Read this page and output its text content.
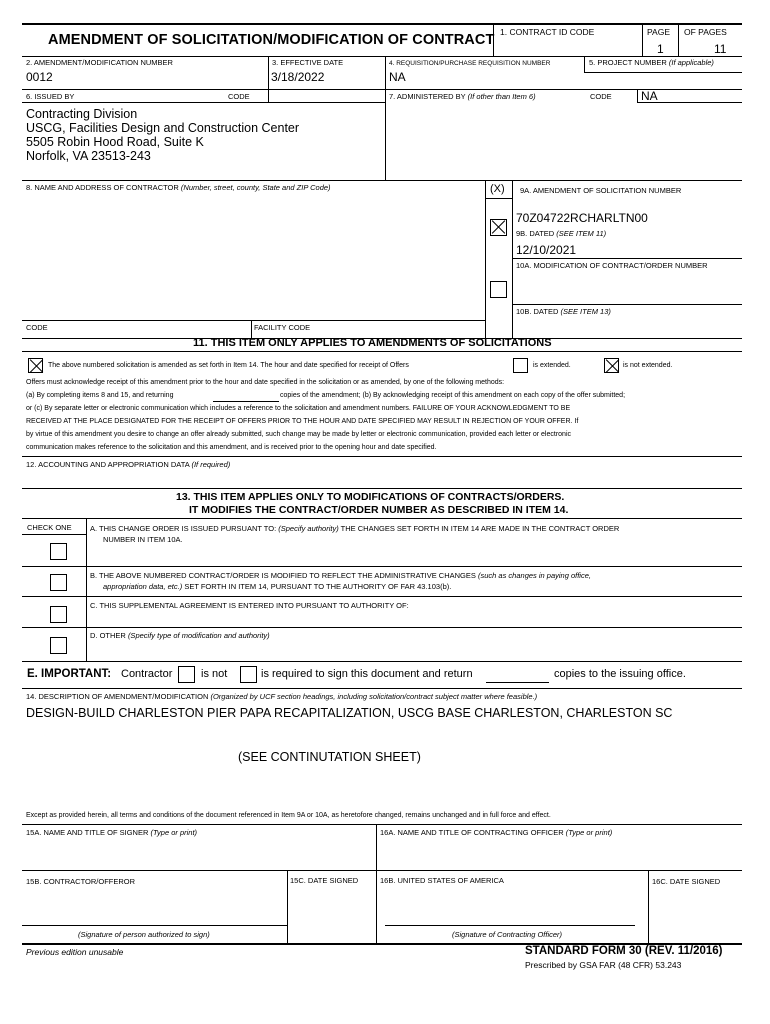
AMENDMENT OF SOLICITATION/MODIFICATION OF CONTRACT 1. CONTRACT ID CODE	PAGE OF PAGES
1	11
2. AMENDMENT/MODIFICATION NUMBER
0012
3. EFFECTIVE DATE
3/18/2022
4. REQUISITION/PURCHASE REQUISITION NUMBER
NA
5. PROJECT NUMBER (If applicable)
6. ISSUED BY	CODE
Contracting Division
USCG, Facilities Design and Construction Center
5505 Robin Hood Road, Suite K
Norfolk, VA 23513-243
7. ADMINISTERED BY (If other than Item 6)	CODE NA
8. NAME AND ADDRESS OF CONTRACTOR (Number, street, county, State and ZIP Code)	(X) 9A. AMENDMENT OF SOLICITATION NUMBER
70Z04722RCHARLTN00
9B. DATED (SEE ITEM 11)
12/10/2021
10A. MODIFICATION OF CONTRACT/ORDER NUMBER
10B. DATED (SEE ITEM 13)
CODE	FACILITY CODE
11. THIS ITEM ONLY APPLIES TO AMENDMENTS OF SOLICITATIONS
The above numbered solicitation is amended as set forth in Item 14. The hour and date specified for receipt of Offers	is extended.	is not extended.
Offers must acknowledge receipt of this amendment prior to the hour and date specified in the solicitation or as amended, by one of the following methods:
(a) By completing items 8 and 15, and returning	copies of the amendment; (b) By acknowledging receipt of this amendment on each copy of the offer submitted;
or (c) By separate letter or electronic communication which includes a reference to the solicitation and amendment numbers. FAILURE OF YOUR ACKNOWLEDGMENT TO BE
RECEIVED AT THE PLACE DESIGNATED FOR THE RECEIPT OF OFFERS PRIOR TO THE HOUR AND DATE SPECIFIED MAY RESULT IN REJECTION OF YOUR OFFER. If
by virtue of this amendment you desire to change an offer already submitted, such change may be made by letter or electronic communication, provided each letter or electronic
communication makes reference to the solicitation and this amendment, and is received prior to the opening hour and date specified.
12. ACCOUNTING AND APPROPRIATION DATA (If required)
13. THIS ITEM APPLIES ONLY TO MODIFICATIONS OF CONTRACTS/ORDERS.
IT MODIFIES THE CONTRACT/ORDER NUMBER AS DESCRIBED IN ITEM 14.
CHECK ONE A. THIS CHANGE ORDER IS ISSUED PURSUANT TO: (Specify authority) THE CHANGES SET FORTH IN ITEM 14 ARE MADE IN THE CONTRACT ORDER
NUMBER IN ITEM 10A.
B. THE ABOVE NUMBERED CONTRACT/ORDER IS MODIFIED TO REFLECT THE ADMINISTRATIVE CHANGES (such as changes in paying office,
appropriation data, etc.) SET FORTH IN ITEM 14, PURSUANT TO THE AUTHORITY OF FAR 43.103(b).
C. THIS SUPPLEMENTAL AGREEMENT IS ENTERED INTO PURSUANT TO AUTHORITY OF:
D. OTHER (Specify type of modification and authority)
E. IMPORTANT: Contractor	is not	is required to sign this document and return	copies to the issuing office.
14. DESCRIPTION OF AMENDMENT/MODIFICATION (Organized by UCF section headings, including solicitation/contract subject matter where feasible.)
DESIGN-BUILD CHARLESTON PIER PAPA RECAPITALIZATION, USCG BASE CHARLESTON, CHARLESTON SC
(SEE CONTINUTATION SHEET)
Except as provided herein, all terms and conditions of the document referenced in Item 9A or 10A, as heretofore changed, remains unchanged and in full force and effect.
15A. NAME AND TITLE OF SIGNER (Type or print)	16A. NAME AND TITLE OF CONTRACTING OFFICER (Type or print)
15B. CONTRACTOR/OFFEROR	15C. DATE SIGNED	16B. UNITED STATES OF AMERICA	16C. DATE SIGNED
(Signature of person authorized to sign)	(Signature of Contracting Officer)
Previous edition unusable	STANDARD FORM 30 (REV. 11/2016)
Prescribed by GSA FAR (48 CFR) 53.243
